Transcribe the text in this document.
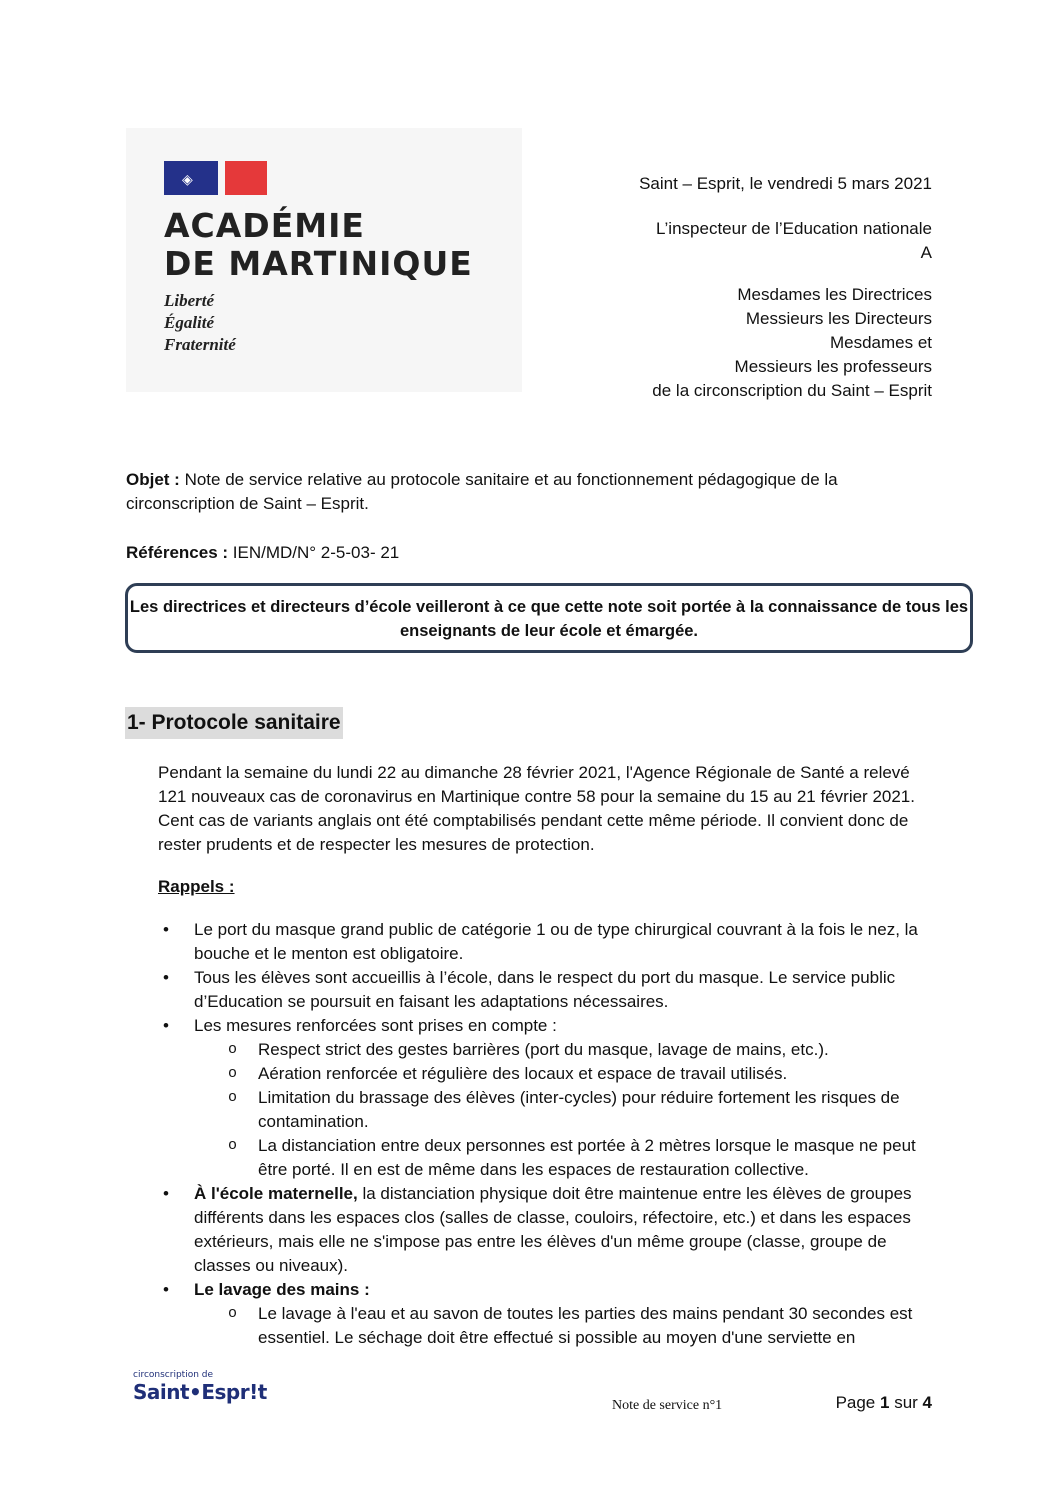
◈
ACADÉMIE
DE MARTINIQUE
Liberté
Égalité
Fraternité
Saint – Esprit, le vendredi 5 mars 2021
L’inspecteur de l’Education nationale
A
Mesdames les Directrices
Messieurs les Directeurs
Mesdames et
Messieurs les professeurs
de la circonscription du Saint – Esprit
Objet : Note de service relative au protocole sanitaire et au fonctionnement pédagogique de la circonscription de Saint – Esprit.
Références : IEN/MD/N° 2-5-03- 21
Les directrices et directeurs d’école veilleront à ce que cette note soit portée à la connaissance de tous les enseignants de leur école et émargée.
1- Protocole sanitaire
Pendant la semaine du lundi 22 au dimanche 28 février 2021, l'Agence Régionale de Santé a relevé 121 nouveaux cas de coronavirus en Martinique contre 58 pour la semaine du 15 au 21 février 2021. Cent cas de variants anglais ont été comptabilisés pendant cette même période. Il convient donc de rester prudents et de respecter les mesures de protection.
Rappels :
• Le port du masque grand public de catégorie 1 ou de type chirurgical couvrant à la fois le nez, la bouche et le menton est obligatoire.
• Tous les élèves sont accueillis à l’école, dans le respect du port du masque. Le service public d’Education se poursuit en faisant les adaptations nécessaires.
• Les mesures renforcées sont prises en compte :
o Respect strict des gestes barrières (port du masque, lavage de mains, etc.).
o Aération renforcée et régulière des locaux et espace de travail utilisés.
o Limitation du brassage des élèves (inter-cycles) pour réduire fortement les risques de contamination.
o La distanciation entre deux personnes est portée à 2 mètres lorsque le masque ne peut être porté. Il en est de même dans les espaces de restauration collective.
• À l'école maternelle, la distanciation physique doit être maintenue entre les élèves de groupes différents dans les espaces clos (salles de classe, couloirs, réfectoire, etc.) et dans les espaces extérieurs, mais elle ne s'impose pas entre les élèves d'un même groupe (classe, groupe de classes ou niveaux).
• Le lavage des mains :
o Le lavage à l'eau et au savon de toutes les parties des mains pendant 30 secondes est essentiel. Le séchage doit être effectué si possible au moyen d'une serviette en
circonscription de
Saint•Espr!t
Note de service n°1	Page 1 sur 4
